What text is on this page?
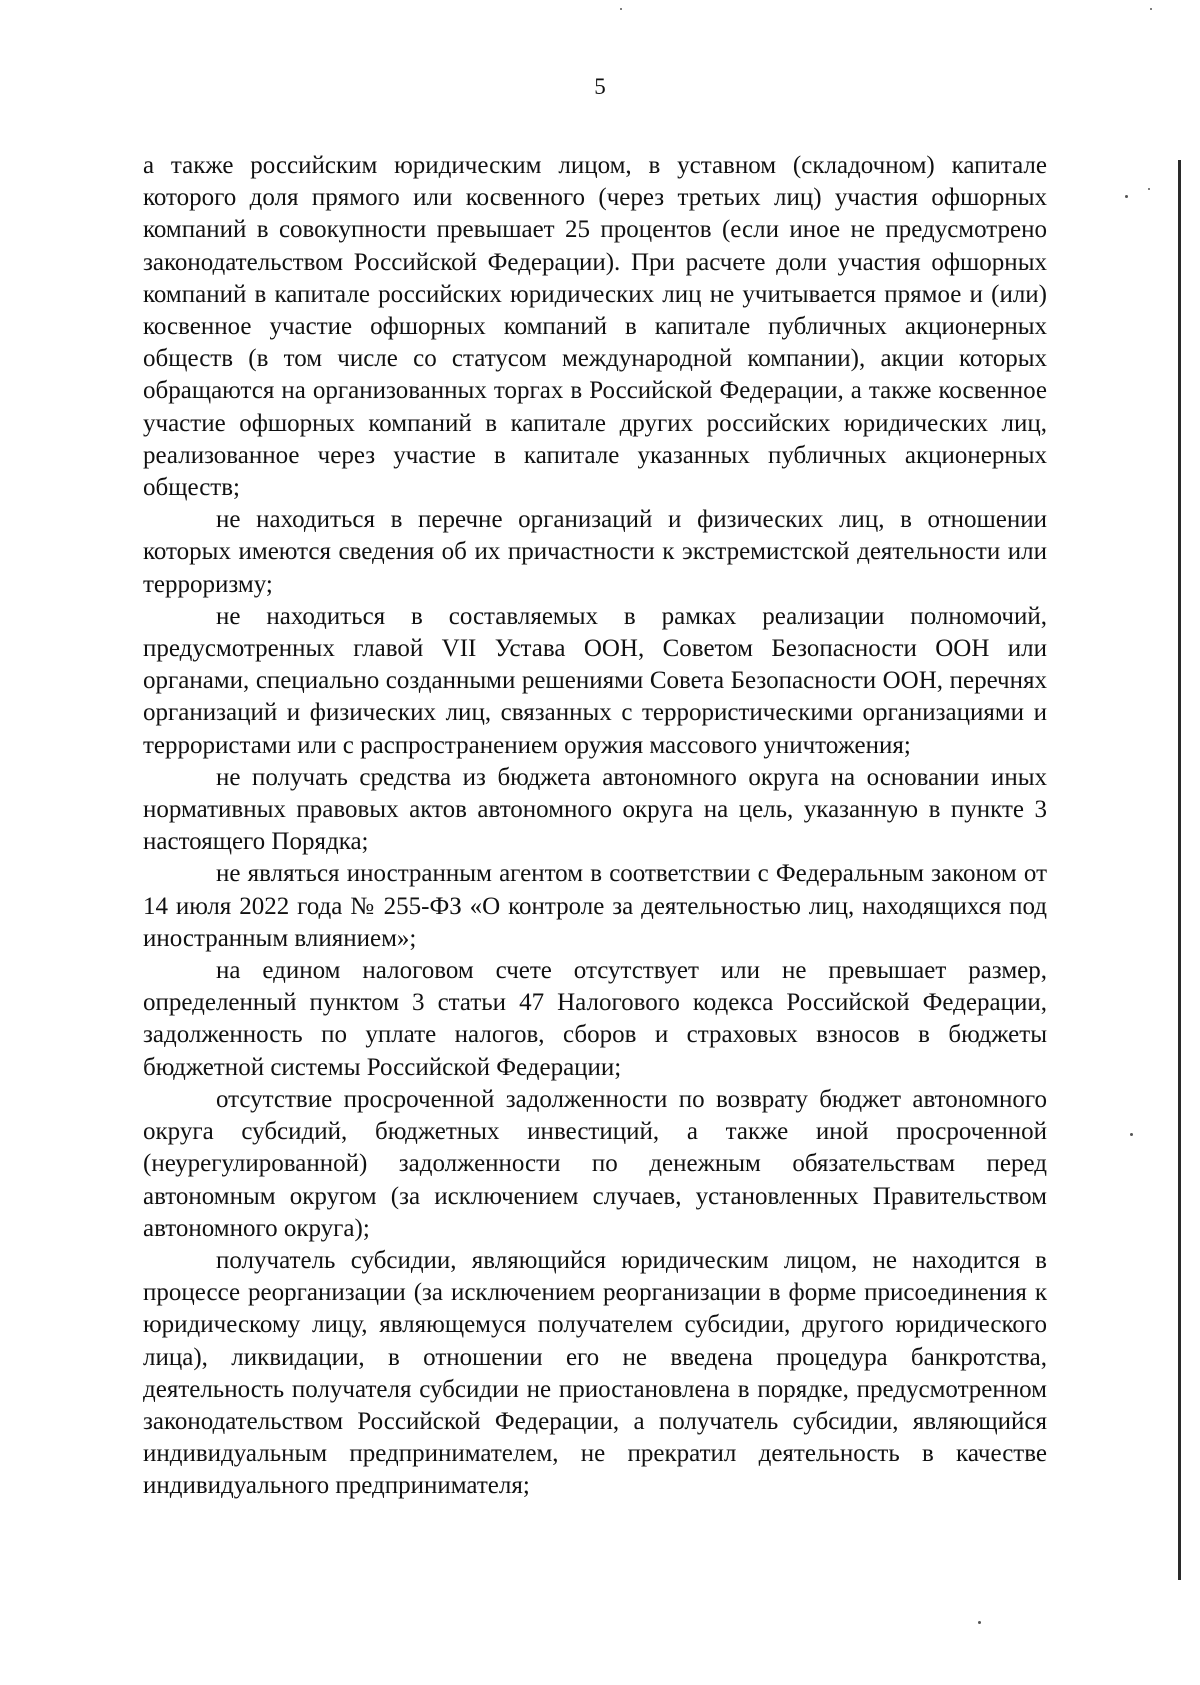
5

а также российским юридическим лицом, в уставном (складочном) капитале которого доля прямого или косвенного (через третьих лиц) участия офшорных компаний в совокупности превышает 25 процентов (если иное не предусмотрено законодательством Российской Федерации). При расчете доли участия офшорных компаний в капитале российских юридических лиц не учитывается прямое и (или) косвенное участие офшорных компаний в капитале публичных акционерных обществ (в том числе со статусом международной компании), акции которых обращаются на организованных торгах в Российской Федерации, а также косвенное участие офшорных компаний в капитале других российских юридических лиц, реализованное через участие в капитале указанных публичных акционерных обществ;

не находиться в перечне организаций и физических лиц, в отношении которых имеются сведения об их причастности к экстремистской деятельности или терроризму;

не находиться в составляемых в рамках реализации полномочий, предусмотренных главой VII Устава ООН, Советом Безопасности ООН или органами, специально созданными решениями Совета Безопасности ООН, перечнях организаций и физических лиц, связанных с террористическими организациями и террористами или с распространением оружия массового уничтожения;

не получать средства из бюджета автономного округа на основании иных нормативных правовых актов автономного округа на цель, указанную в пункте 3 настоящего Порядка;

не являться иностранным агентом в соответствии с Федеральным законом от 14 июля 2022 года № 255-ФЗ «О контроле за деятельностью лиц, находящихся под иностранным влиянием»;

на едином налоговом счете отсутствует или не превышает размер, определенный пунктом 3 статьи 47 Налогового кодекса Российской Федерации, задолженность по уплате налогов, сборов и страховых взносов в бюджеты бюджетной системы Российской Федерации;

отсутствие просроченной задолженности по возврату бюджет автономного округа субсидий, бюджетных инвестиций, а также иной просроченной (неурегулированной) задолженности по денежным обязательствам перед автономным округом (за исключением случаев, установленных Правительством автономного округа);

получатель субсидии, являющийся юридическим лицом, не находится в процессе реорганизации (за исключением реорганизации в форме присоединения к юридическому лицу, являющемуся получателем субсидии, другого юридического лица), ликвидации, в отношении его не введена процедура банкротства, деятельность получателя субсидии не приостановлена в порядке, предусмотренном законодательством Российской Федерации, а получатель субсидии, являющийся индивидуальным предпринимателем, не прекратил деятельность в качестве индивидуального предпринимателя;
